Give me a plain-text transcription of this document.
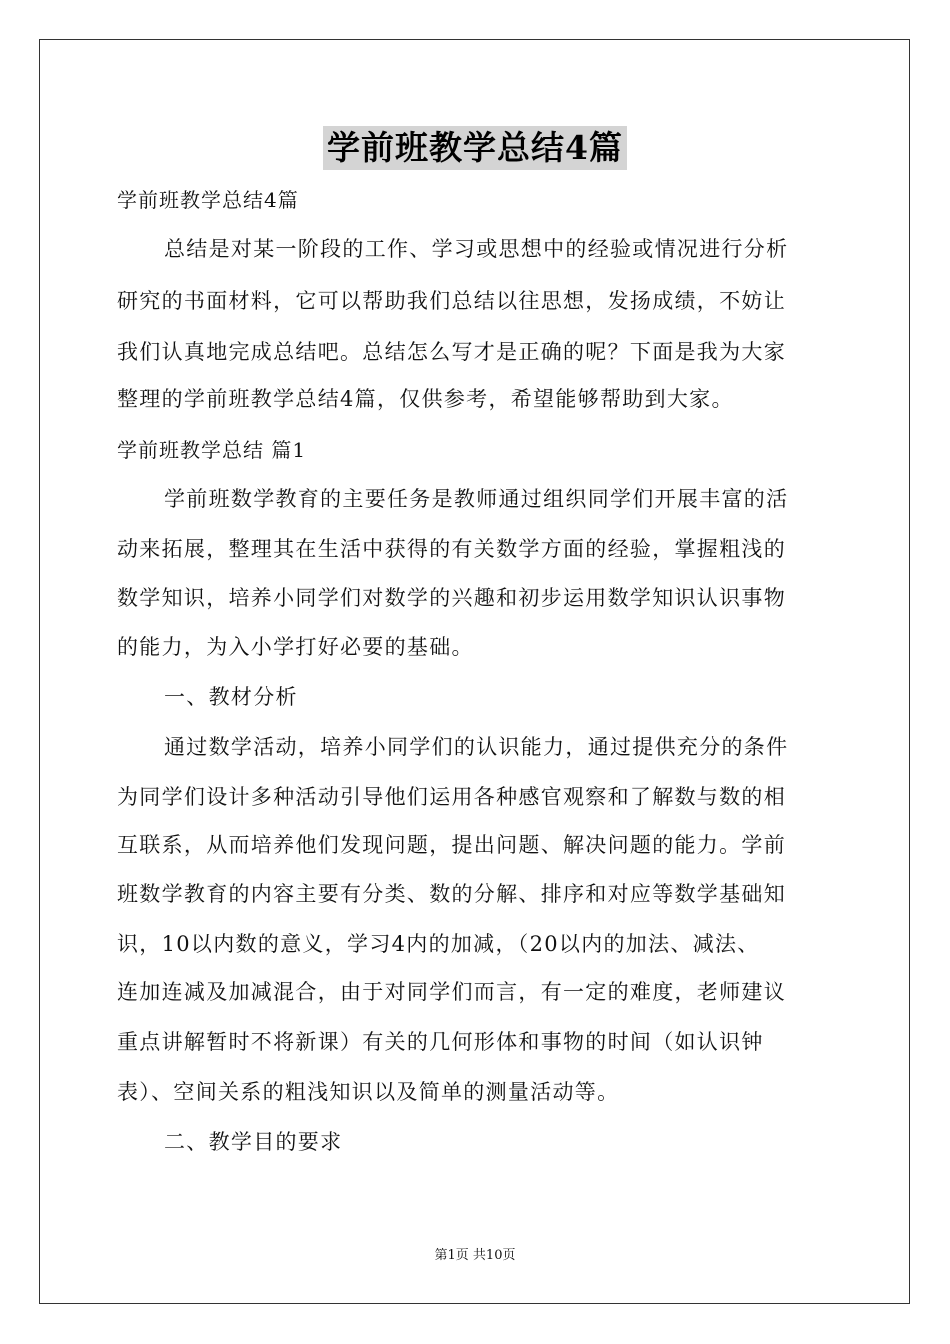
学前班教学总结4篇
学前班教学总结4篇
总结是对某一阶段的工作、学习或思想中的经验或情况进行分析
研究的书面材料，它可以帮助我们总结以往思想，发扬成绩，不妨让
我们认真地完成总结吧。总结怎么写才是正确的呢？下面是我为大家
整理的学前班教学总结4篇，仅供参考，希望能够帮助到大家。
学前班教学总结 篇1
学前班数学教育的主要任务是教师通过组织同学们开展丰富的活
动来拓展，整理其在生活中获得的有关数学方面的经验，掌握粗浅的
数学知识，培养小同学们对数学的兴趣和初步运用数学知识认识事物
的能力，为入小学打好必要的基础。
一、教材分析
通过数学活动，培养小同学们的认识能力，通过提供充分的条件
为同学们设计多种活动引导他们运用各种感官观察和了解数与数的相
互联系，从而培养他们发现问题，提出问题、解决问题的能力。学前
班数学教育的内容主要有分类、数的分解、排序和对应等数学基础知
识，10以内数的意义，学习4内的加减，（20以内的加法、减法、
连加连减及加减混合，由于对同学们而言，有一定的难度，老师建议
重点讲解暂时不将新课）有关的几何形体和事物的时间（如认识钟
表）、空间关系的粗浅知识以及简单的测量活动等。
二、教学目的要求
第1页 共10页
